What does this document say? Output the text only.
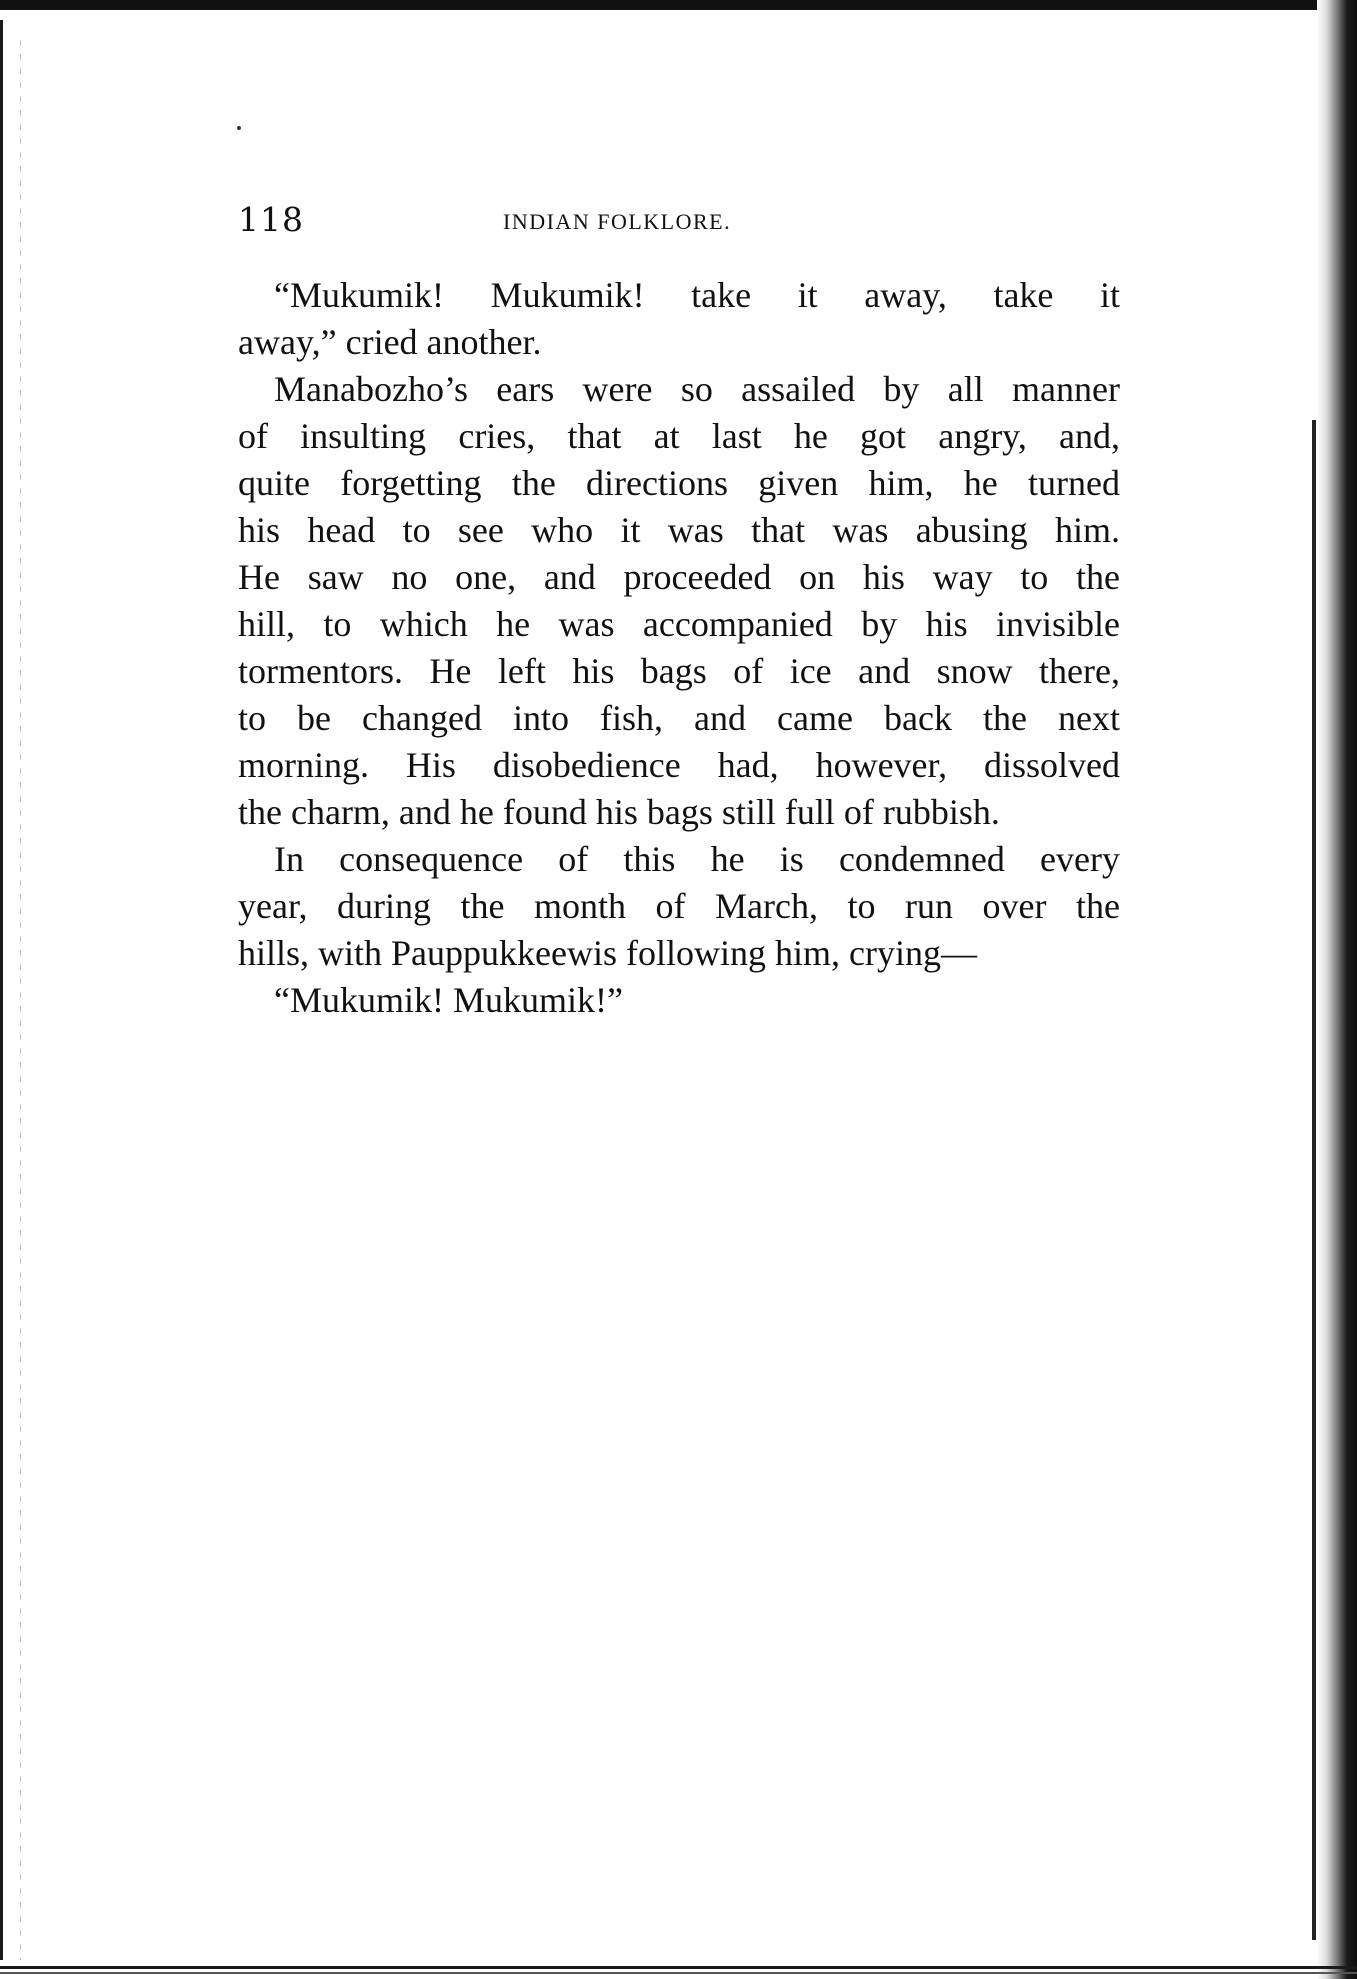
118	INDIAN FOLKLORE.
“Mukumik! Mukumik! take it away, take it
away,” cried another.
Manabozho’s ears were so assailed by all manner
of insulting cries, that at last he got angry, and,
quite forgetting the directions given him, he turned
his head to see who it was that was abusing him.
He saw no one, and proceeded on his way to the
hill, to which he was accompanied by his invisible
tormentors. He left his bags of ice and snow there,
to be changed into fish, and came back the next
morning. His disobedience had, however, dissolved
the charm, and he found his bags still full of rubbish.
In consequence of this he is condemned every
year, during the month of March, to run over the
hills, with Pauppukkeewis following him, crying—
“Mukumik! Mukumik!”
